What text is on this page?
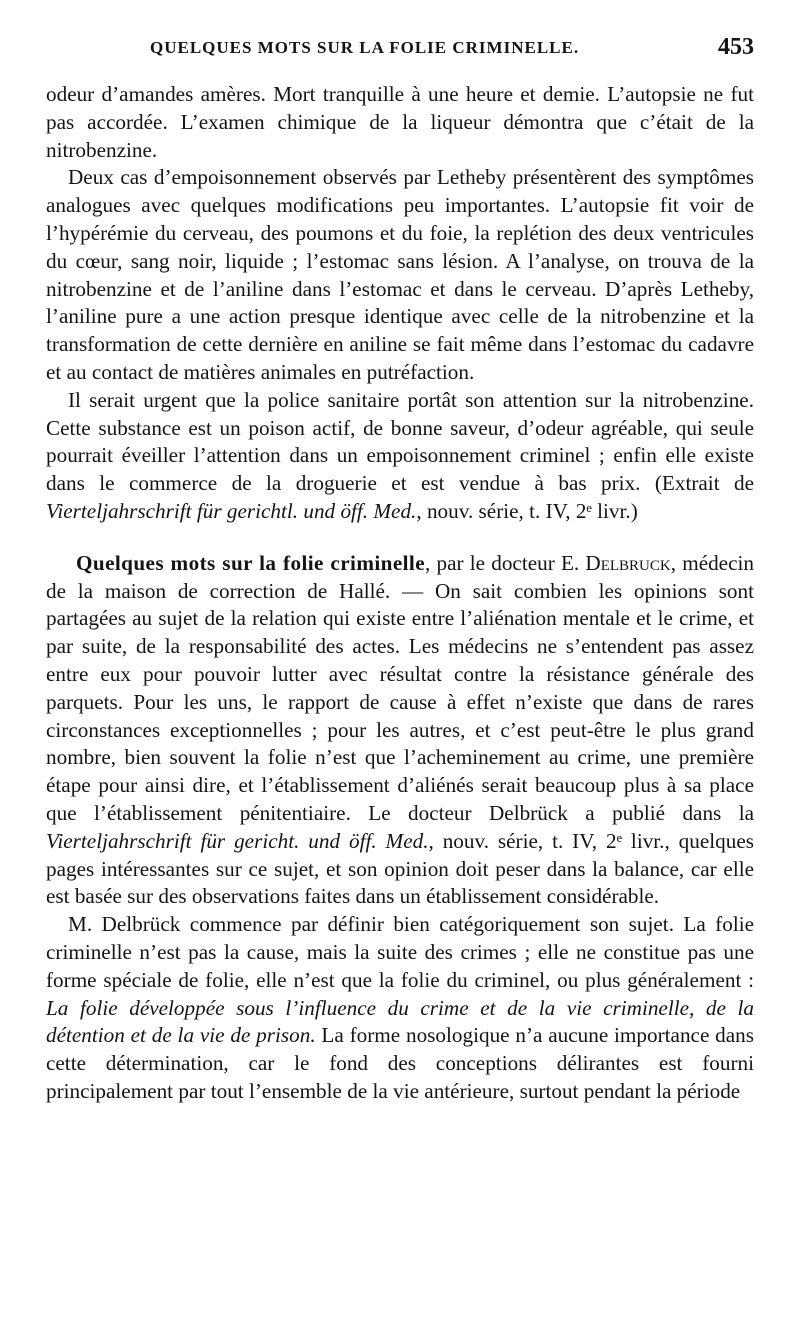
QUELQUES MOTS SUR LA FOLIE CRIMINELLE.	453

odeur d’amandes amères. Mort tranquille à une heure et demie. L’autopsie ne fut pas accordée. L’examen chimique de la liqueur démontra que c’était de la nitrobenzine.

Deux cas d’empoisonnement observés par Letheby présentèrent des symptômes analogues avec quelques modifications peu importantes. L’autopsie fit voir de l’hypérémie du cerveau, des poumons et du foie, la replétion des deux ventricules du cœur, sang noir, liquide ; l’estomac sans lésion. A l’analyse, on trouva de la nitrobenzine et de l’aniline dans l’estomac et dans le cerveau. D’après Letheby, l’aniline pure a une action presque identique avec celle de la nitrobenzine et la transformation de cette dernière en aniline se fait même dans l’estomac du cadavre et au contact de matières animales en putréfaction.

Il serait urgent que la police sanitaire portât son attention sur la nitrobenzine. Cette substance est un poison actif, de bonne saveur, d’odeur agréable, qui seule pourrait éveiller l’attention dans un empoisonnement criminel ; enfin elle existe dans le commerce de la droguerie et est vendue à bas prix. (Extrait de Vierteljahrschrift für gerichtl. und öff. Med., nouv. série, t. IV, 2ᵉ livr.)

Quelques mots sur la folie criminelle, par le docteur E. Delbruck, médecin de la maison de correction de Hallé. — On sait combien les opinions sont partagées au sujet de la relation qui existe entre l’aliénation mentale et le crime, et par suite, de la responsabilité des actes. Les médecins ne s’entendent pas assez entre eux pour pouvoir lutter avec résultat contre la résistance générale des parquets. Pour les uns, le rapport de cause à effet n’existe que dans de rares circonstances exceptionnelles ; pour les autres, et c’est peut-être le plus grand nombre, bien souvent la folie n’est que l’acheminement au crime, une première étape pour ainsi dire, et l’établissement d’aliénés serait beaucoup plus à sa place que l’établissement pénitentiaire. Le docteur Delbrück a publié dans la Vierteljahrschrift für gericht. und öff. Med., nouv. série, t. IV, 2ᵉ livr., quelques pages intéressantes sur ce sujet, et son opinion doit peser dans la balance, car elle est basée sur des observations faites dans un établissement considérable.

M. Delbrück commence par définir bien catégoriquement son sujet. La folie criminelle n’est pas la cause, mais la suite des crimes ; elle ne constitue pas une forme spéciale de folie, elle n’est que la folie du criminel, ou plus généralement : La folie développée sous l’influence du crime et de la vie criminelle, de la détention et de la vie de prison. La forme nosologique n’a aucune importance dans cette détermination, car le fond des conceptions délirantes est fourni principalement par tout l’ensemble de la vie antérieure, surtout pendant la période
